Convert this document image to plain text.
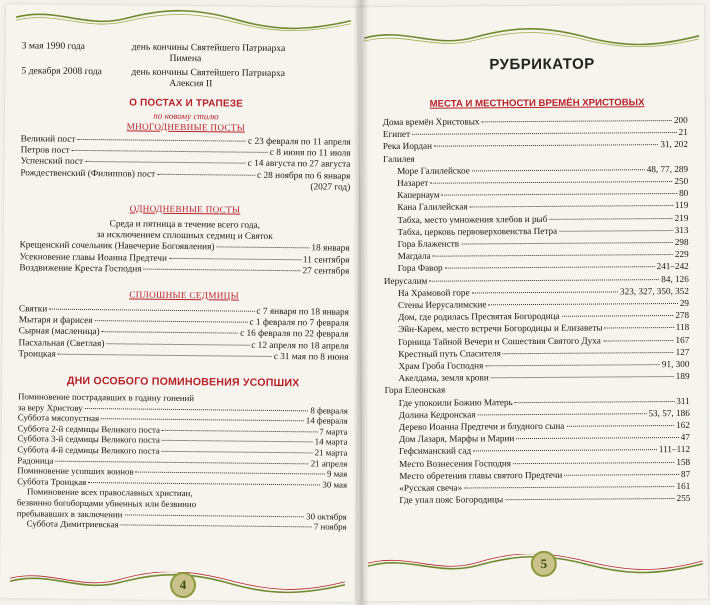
3 мая 1990 года	день кончины Святейшего Патриарха
Пимена
5 декабря 2008 года	день кончины Святейшего Патриарха
Алексия II
О ПОСТАХ И ТРАПЕЗЕ
по новому стилю
МНОГОДНЕВНЫЕ ПОСТЫ
Великий пост	с 23 февраля по 11 апреля
Петров пост	с 8 июня по 11 июля
Успенский пост	с 14 августа по 27 августа
Рождественский (Филиппов) пост	с 28 ноября по 6 января
(2027 год)
ОДНОДНЕВНЫЕ ПОСТЫ
Среда и пятница в течение всего года,
за исключением сплошных седмиц и Святок
Крещенский сочельник (Навечерие Богоявления)	18 января
Усекновение главы Иоанна Предтечи	11 сентября
Воздвижение Креста Господня	27 сентября
СПЛОШНЫЕ СЕДМИЦЫ
Святки	с 7 января по 18 января
Мытаря и фарисея	с 1 февраля по 7 февраля
Сырная (масленица)	с 16 февраля по 22 февраля
Пасхальная (Светлая)	с 12 апреля по 18 апреля
Троицкая	с 31 мая по 8 июня
ДНИ ОСОБОГО ПОМИНОВЕНИЯ УСОПШИХ
Поминовение пострадавших в годину гонений
за веру Христову	8 февраля
Суббота мясопустная	14 февраля
Суббота 2-й седмицы Великого поста	7 марта
Суббота 3-й седмицы Великого поста	14 марта
Суббота 4-й седмицы Великого поста	21 марта
Радоница	21 апреля
Поминовение усопших воинов	9 мая
Суббота Троицкая	30 мая
Поминовение всех православных христиан,
безвинно богоборцами убиенных или безвинно
пребывавших в заключении	30 октября
Суббота Димитриевская	7 ноября
4
РУБРИКАТОР
МЕСТА И МЕСТНОСТИ ВРЕМЁН ХРИСТОВЫХ
Дома времён Христовых	200
Египет	21
Река Иордан	31, 202
Галилея
Море Галилейское	48, 77, 289
Назарет	250
Капернаум	80
Кана Галилейская	119
Табха, место умножения хлебов и рыб	219
Табха, церковь первоверховенства Петра	313
Гора Блаженств	298
Магдала	229
Гора Фавор	241–242
Иерусалим	84, 126
На Храмовой горе	323, 327, 350, 352
Стены Иерусалимские	29
Дом, где родилась Пресвятая Богородица	278
Эйн-Карем, место встречи Богородицы и Елизаветы	118
Горница Тайной Вечери и Сошествия Святого Духа	167
Крестный путь Спасителя	127
Храм Гроба Господня	91, 300
Акелдама, земля крови	189
Гора Елеонская
Где упокоили Божию Матерь	311
Долина Кедронская	53, 57, 186
Дерево Иоанна Предтечи и блудного сына	162
Дом Лазаря, Марфы и Марии	47
Гефсиманский сад	111–112
Место Вознесения Господня	158
Место обретения главы святого Предтечи	87
«Русская свеча»	161
Где упал пояс Богородицы	255
5
